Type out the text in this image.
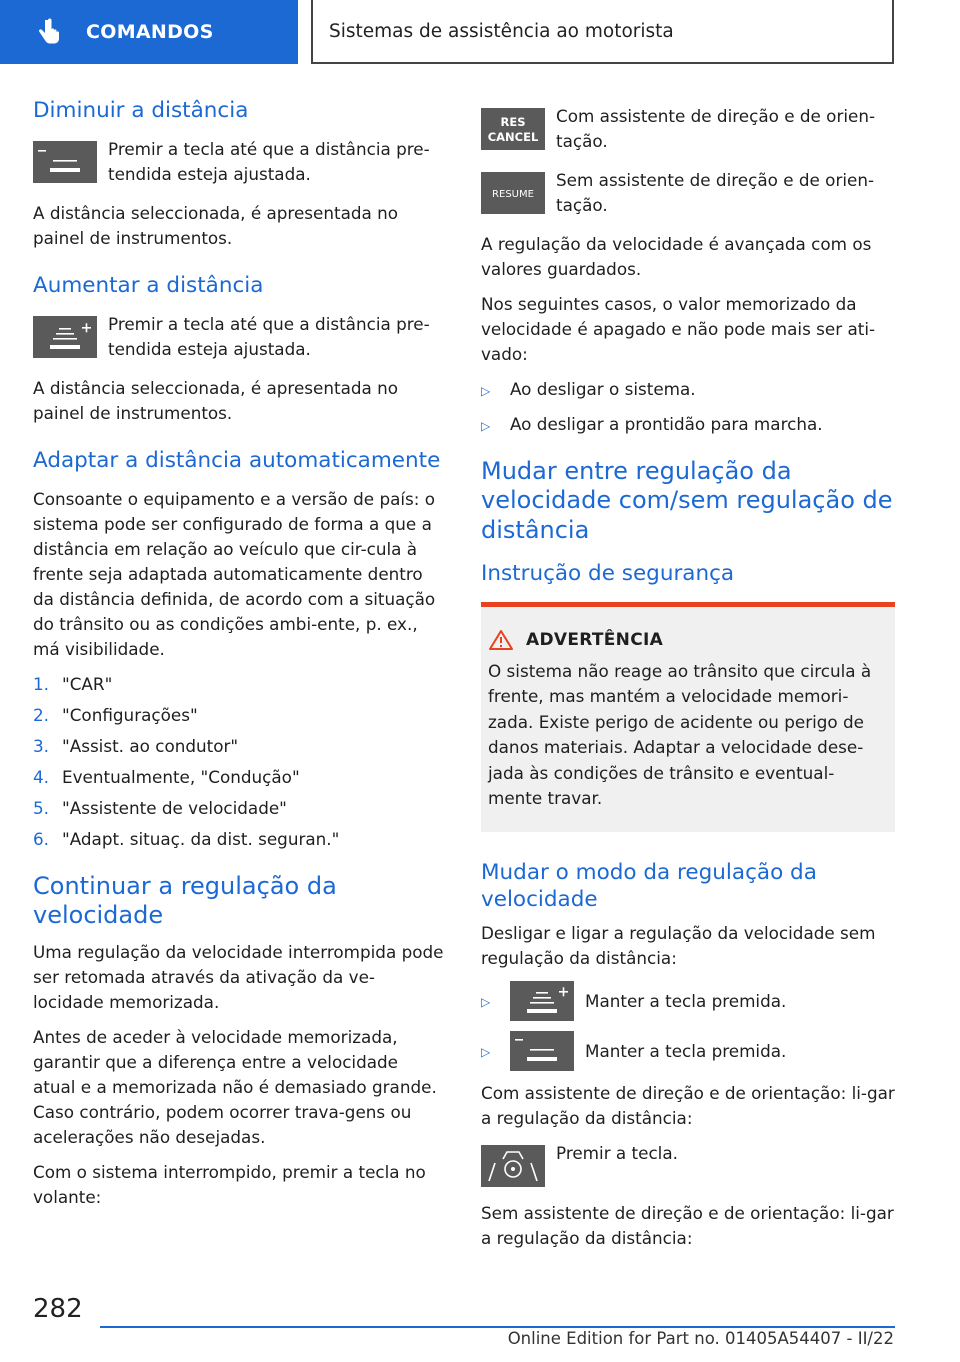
COMANDOS	Sistemas de assistência ao motorista
Diminuir a distância
Premir a tecla até que a distância pre-tendida esteja ajustada.

A distância seleccionada, é apresentada no painel de instrumentos.

Aumentar a distância
Premir a tecla até que a distância pre-tendida esteja ajustada.

A distância seleccionada, é apresentada no painel de instrumentos.

Adaptar a distância automaticamente

Consoante o equipamento e a versão de país: o sistema pode ser configurado de forma a que a distância em relação ao veículo que cir-cula à frente seja adaptada automaticamente dentro da distância definida, de acordo com a situação do trânsito ou as condições ambi-ente, p. ex., má visibilidade.

1. "CAR"
2. "Configurações"
3. "Assist. ao condutor"
4. Eventualmente, "Condução"
5. "Assistente de velocidade"
6. "Adapt. situaç. da dist. seguran."
Continuar a regulação da velocidade

Uma regulação da velocidade interrompida pode ser retomada através da ativação da ve-locidade memorizada.

Antes de aceder à velocidade memorizada, garantir que a diferença entre a velocidade atual e a memorizada não é demasiado grande. Caso contrário, podem ocorrer trava-gens ou acelerações não desejadas.

Com o sistema interrompido, premir a tecla no volante:

RES
CANCEL
Com assistente de direção e de orien-tação.
RESUME
Sem assistente de direção e de orien-tação.

A regulação da velocidade é avançada com os valores guardados.

Nos seguintes casos, o valor memorizado da velocidade é apagado e não pode mais ser ati-vado:

▷	Ao desligar o sistema.
▷	Ao desligar a prontidão para marcha.
Mudar entre regulação da velocidade com/sem regulação de distância
Instrução de segurança
ADVERTÊNCIA

O sistema não reage ao trânsito que circula à frente, mas mantém a velocidade memori-zada. Existe perigo de acidente ou perigo de danos materiais. Adaptar a velocidade dese-jada às condições de trânsito e eventual-mente travar.

Mudar o modo da regulação da velocidade

Desligar e ligar a regulação da velocidade sem regulação da distância:

▷	Manter a tecla premida.
▷	Manter a tecla premida.

Com assistente de direção e de orientação: li-gar a regulação da distância:

Premir a tecla.

Sem assistente de direção e de orientação: li-gar a regulação da distância:

282
Online Edition for Part no. 01405A54407 - II/22
